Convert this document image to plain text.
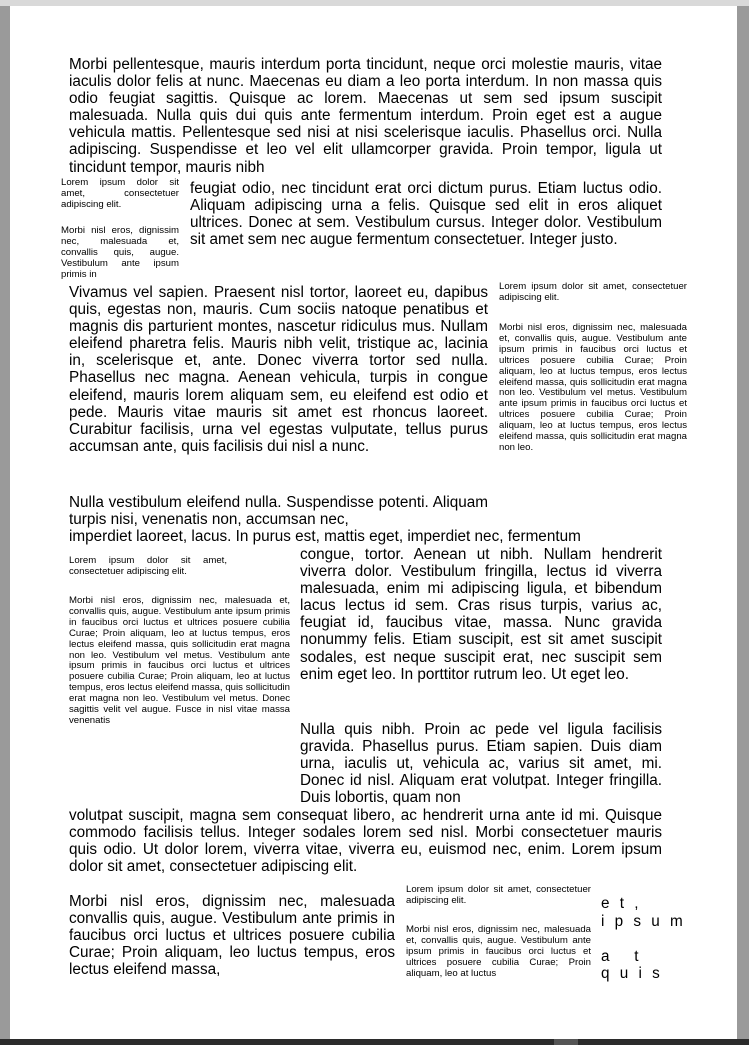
Morbi pellentesque, mauris interdum porta tincidunt, neque orci molestie mauris, vitae iaculis dolor felis at nunc. Maecenas eu diam a leo porta interdum. In non massa quis odio feugiat sagittis. Quisque ac lorem. Maecenas ut sem sed ipsum suscipit malesuada. Nulla quis dui quis ante fermentum interdum. Proin eget est a augue vehicula mattis. Pellentesque sed nisi at nisi scelerisque iaculis. Phasellus orci. Nulla adipiscing. Suspendisse et leo vel elit ullamcorper gravida. Proin tempor, ligula ut tincidunt tempor, mauris nibh

Lorem ipsum dolor sit amet, consectetuer adipiscing elit.

Morbi nisl eros, dignissim nec, malesuada et, convallis quis, augue. Vestibulum ante ipsum primis in

feugiat odio, nec tincidunt erat orci dictum purus. Etiam luctus odio. Aliquam adipiscing urna a felis. Quisque sed elit in eros aliquet ultrices. Donec at sem. Vestibulum cursus. Integer dolor. Vestibulum sit amet sem nec augue fermentum consectetuer. Integer justo.

Vivamus vel sapien. Praesent nisl tortor, laoreet eu, dapibus quis, egestas non, mauris. Cum sociis natoque penatibus et magnis dis parturient montes, nascetur ridiculus mus. Nullam eleifend pharetra felis. Mauris nibh velit, tristique ac, lacinia in, scelerisque et, ante. Donec viverra tortor sed nulla. Phasellus nec magna. Aenean vehicula, turpis in congue eleifend, mauris lorem aliquam sem, eu eleifend est odio et pede. Mauris vitae mauris sit amet est rhoncus laoreet. Curabitur facilisis, urna vel egestas vulputate, tellus purus accumsan ante, quis facilisis dui nisl a nunc.

Lorem ipsum dolor sit amet, consectetuer adipiscing elit.

Morbi nisl eros, dignissim nec, malesuada et, convallis quis, augue. Vestibulum ante ipsum primis in faucibus orci luctus et ultrices posuere cubilia Curae; Proin aliquam, leo at luctus tempus, eros lectus eleifend massa, quis sollicitudin erat magna non leo. Vestibulum vel metus. Vestibulum ante ipsum primis in faucibus orci luctus et ultrices posuere cubilia Curae; Proin aliquam, leo at luctus tempus, eros lectus eleifend massa, quis sollicitudin erat magna non leo.

Nulla vestibulum eleifend nulla. Suspendisse potenti. Aliquam turpis nisi, venenatis non, accumsan nec,

imperdiet laoreet, lacus. In purus est, mattis eget, imperdiet nec, fermentum

Lorem ipsum dolor sit amet, consectetuer adipiscing elit.

Morbi nisl eros, dignissim nec, malesuada et, convallis quis, augue. Vestibulum ante ipsum primis in faucibus orci luctus et ultrices posuere cubilia Curae; Proin aliquam, leo at luctus tempus, eros lectus eleifend massa, quis sollicitudin erat magna non leo. Vestibulum vel metus. Vestibulum ante ipsum primis in faucibus orci luctus et ultrices posuere cubilia Curae; Proin aliquam, leo at luctus tempus, eros lectus eleifend massa, quis sollicitudin erat magna non leo. Vestibulum vel metus. Donec sagittis velit vel augue. Fusce in nisl vitae massa venenatis

congue, tortor. Aenean ut nibh. Nullam hendrerit viverra dolor. Vestibulum fringilla, lectus id viverra malesuada, enim mi adipiscing ligula, et bibendum lacus lectus id sem. Cras risus turpis, varius ac, feugiat id, faucibus vitae, massa. Nunc gravida nonummy felis. Etiam suscipit, est sit amet suscipit sodales, est neque suscipit erat, nec suscipit sem enim eget leo. In porttitor rutrum leo. Ut eget leo.

Nulla quis nibh. Proin ac pede vel ligula facilisis gravida. Phasellus purus. Etiam sapien. Duis diam urna, iaculis ut, vehicula ac, varius sit amet, mi. Donec id nisl. Aliquam erat volutpat. Integer fringilla. Duis lobortis, quam non

volutpat suscipit, magna sem consequat libero, ac hendrerit urna ante id mi. Quisque commodo facilisis tellus. Integer sodales lorem sed nisl. Morbi consectetuer mauris quis odio. Ut dolor lorem, viverra vitae, viverra eu, euismod nec, enim. Lorem ipsum dolor sit amet, consectetuer adipiscing elit.

Morbi nisl eros, dignissim nec, malesuada convallis quis, augue. Vestibulum ante primis in faucibus orci luctus et ultrices posuere cubilia Curae; Proin aliquam, leo luctus tempus, eros lectus eleifend massa,

Lorem ipsum dolor sit amet, consectetuer adipiscing elit.

Morbi nisl eros, dignissim nec, malesuada et, convallis quis, augue. Vestibulum ante ipsum primis in faucibus orci luctus et ultrices posuere cubilia Curae; Proin aliquam, leo at luctus

e t ,

i p s u m

a   t

q u i s
